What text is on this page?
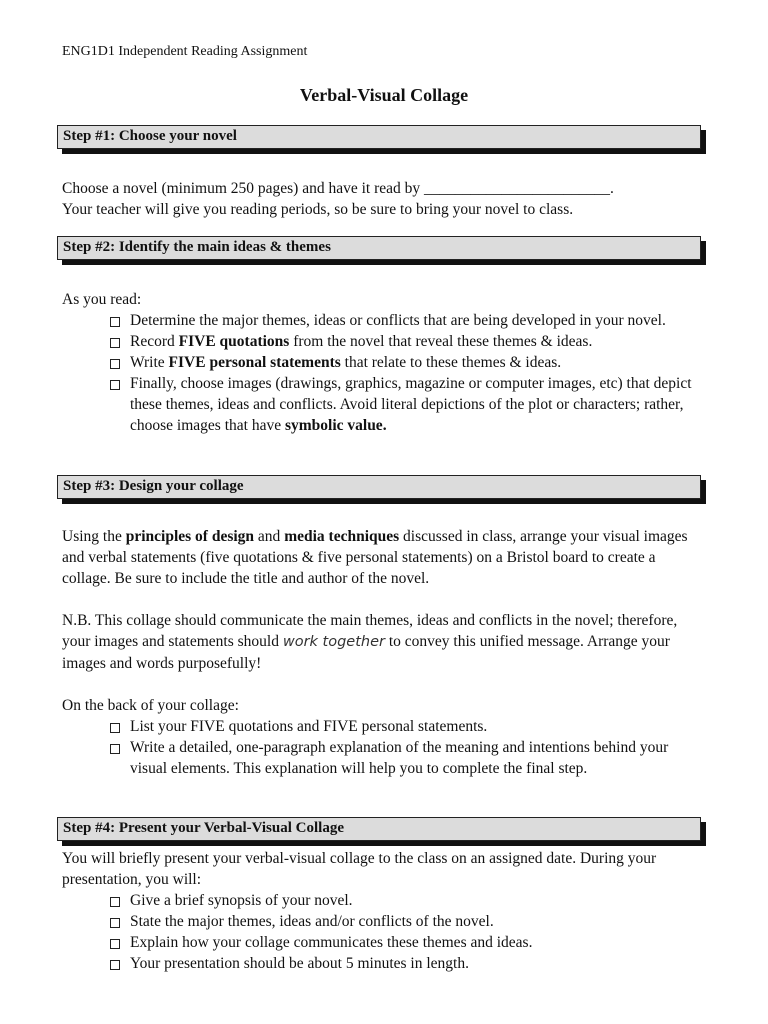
ENG1D1 Independent Reading Assignment
Verbal-Visual Collage
Step #1: Choose your novel

Choose a novel (minimum 250 pages) and have it read by ________________________.

Your teacher will give you reading periods, so be sure to bring your novel to class.

Step #2: Identify the main ideas & themes

As you read:

Determine the major themes, ideas or conflicts that are being developed in your novel.
Record FIVE quotations from the novel that reveal these themes & ideas.
Write FIVE personal statements that relate to these themes & ideas.
Finally, choose images (drawings, graphics, magazine or computer images, etc) that depict these themes, ideas and conflicts. Avoid literal depictions of the plot or characters; rather, choose images that have symbolic value.
Step #3: Design your collage

Using the principles of design and media techniques discussed in class, arrange your visual images and verbal statements (five quotations & five personal statements) on a Bristol board to create a collage. Be sure to include the title and author of the novel.

N.B. This collage should communicate the main themes, ideas and conflicts in the novel; therefore, your images and statements should work together to convey this unified message. Arrange your images and words purposefully!

On the back of your collage:

List your FIVE quotations and FIVE personal statements.
Write a detailed, one-paragraph explanation of the meaning and intentions behind your visual elements. This explanation will help you to complete the final step.
Step #4: Present your Verbal-Visual Collage

You will briefly present your verbal-visual collage to the class on an assigned date. During your presentation, you will:

Give a brief synopsis of your novel.
State the major themes, ideas and/or conflicts of the novel.
Explain how your collage communicates these themes and ideas.
Your presentation should be about 5 minutes in length.
